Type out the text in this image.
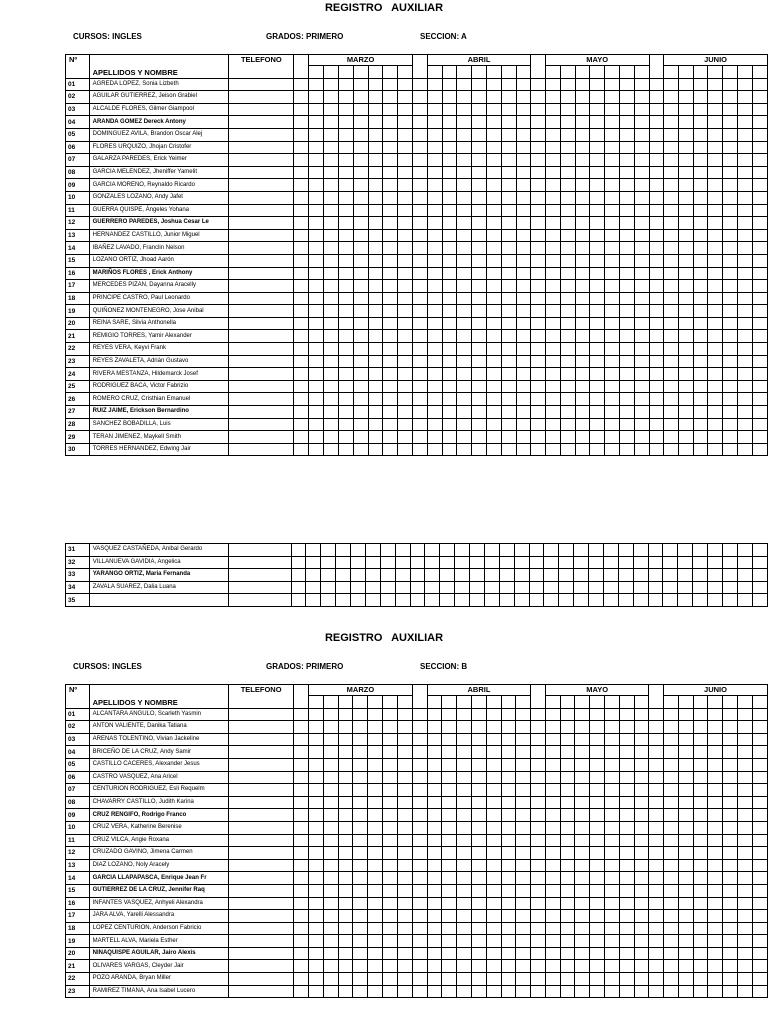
REGISTRO AUXILIAR
CURSOS: INGLES	GRADOS: PRIMERO	SECCION: A
Nº		TELEFONO		MARZO								ABRIL								MAYO								JUNIO						
	APELLIDOS Y NOMBRE																																	
01	AGREDA LOPEZ, Sonia Lizbeth																																	
02	AGUILAR GUTIERREZ, Jeison Grabiel																																	
03	ALCALDE FLORES, Gilmer Giampool																																	
04	ARANDA GOMEZ Dereck Antony																																	
05	DOMINGUEZ AVILA, Brandon Oscar Alej																																	
06	FLORES URQUIZO, Jhojan Cristofer																																	
07	GALARZA PAREDES, Erick Yeimer																																	
08	GARCIA MELENDEZ, Jheniffer Yamelit																																	
09	GARCIA MORENO, Reynaldo Ricardo																																	
10	GONZALES LOZANO, Andy Jafet																																	
11	GUERRA QUISPE, Ángeles Yohana																																	
12	GUERRERO PAREDES, Joshua Cesar Le																																	
13	HERNANDEZ CASTILLO, Junior Miguel																																	
14	IBAÑEZ LAVADO, Franclin Nelson																																	
15	LOZANO ORTIZ, Jhoad Aarón																																	
16	MARIÑOS FLORES , Erick Anthony																																	
17	MERCEDES PIZAN, Dayanna Aracelly																																	
18	PRINCIPE CASTRO, Paul Leonardo																																	
19	QUIÑONEZ MONTENEGRO, Jose Anibal																																	
20	REINA SARE, Silvia Anthonella																																	
21	REMIGIO TORRES, Yamir Alexander																																	
22	REYES VERA, Keyvi Frank																																	
23	REYES ZAVALETA, Adrián Gustavo																																	
24	RIVERA MESTANZA, Hildemarck Josef																																	
25	RODRIGUEZ BACA, Victor Fabrizio																																	
26	ROMERO CRUZ, Cristhian Emanuel																																	
27	RUIZ JAIME, Erickson Bernardino																																	
28	SANCHEZ BOBADILLA, Luis																																	
29	TERAN JIMENEZ, Maykell Smith																																	
30	TORRES HERNANDEZ, Edwing Jair																																	
31	VASQUEZ CASTAÑEDA, Anibal Gerardo																																	
32	VILLANUEVA GAVIDIA, Angelica																																	
33	YARANGO ORTIZ, Maria Fernanda																																	
34	ZAVALA SUAREZ, Dalia Luana																																	
35																																		
REGISTRO AUXILIAR
CURSOS: INGLES	GRADOS: PRIMERO	SECCION: B
Nº		TELEFONO		MARZO								ABRIL								MAYO								JUNIO						
	APELLIDOS Y NOMBRE																																	
01	ALCANTARA ANGULO, Scarleth Yasmin																																	
02	ANTON VALIENTE, Danika Tatiana																																	
03	ARENAS TOLENTINO, Vivian Jackeline																																	
04	BRICEÑO DE LA CRUZ, Andy Samir																																	
05	CASTILLO CACERES, Alexander Jesus																																	
06	CASTRO VASQUEZ, Ana Aricel																																	
07	CENTURION RODRIGUEZ, Esli Requelm																																	
08	CHAVARRY CASTILLO, Judith Karina																																	
09	CRUZ RENGIFO, Rodrigo Franco																																	
10	CRUZ VERA, Katherine Berenise																																	
11	CRUZ VILCA, Angie Roxana																																	
12	CRUZADO GAVINO, Jimena Carmen																																	
13	DIAZ LOZANO, Noly Aracely																																	
14	GARCIA LLAPAPASCA, Enrique Jean Fr																																	
15	GUTIERREZ DE LA CRUZ, Jennifer Raq																																	
16	INFANTES VASQUEZ, Anhyeli Alexandra																																	
17	JARA ALVA, Yarelli Alessandra																																	
18	LOPEZ CENTURION, Anderson Fabricio																																	
19	MARTELL ALVA, Mariela Esther																																	
20	NINAQUISPE AGUILAR, Jairo Alexis																																	
21	OLIVARES VARGAS, Cleyder Jair																																	
22	POZO ARANDA, Bryan Miller																																	
23	RAMIREZ TIMANA, Ana Isabel Lucero																																	
